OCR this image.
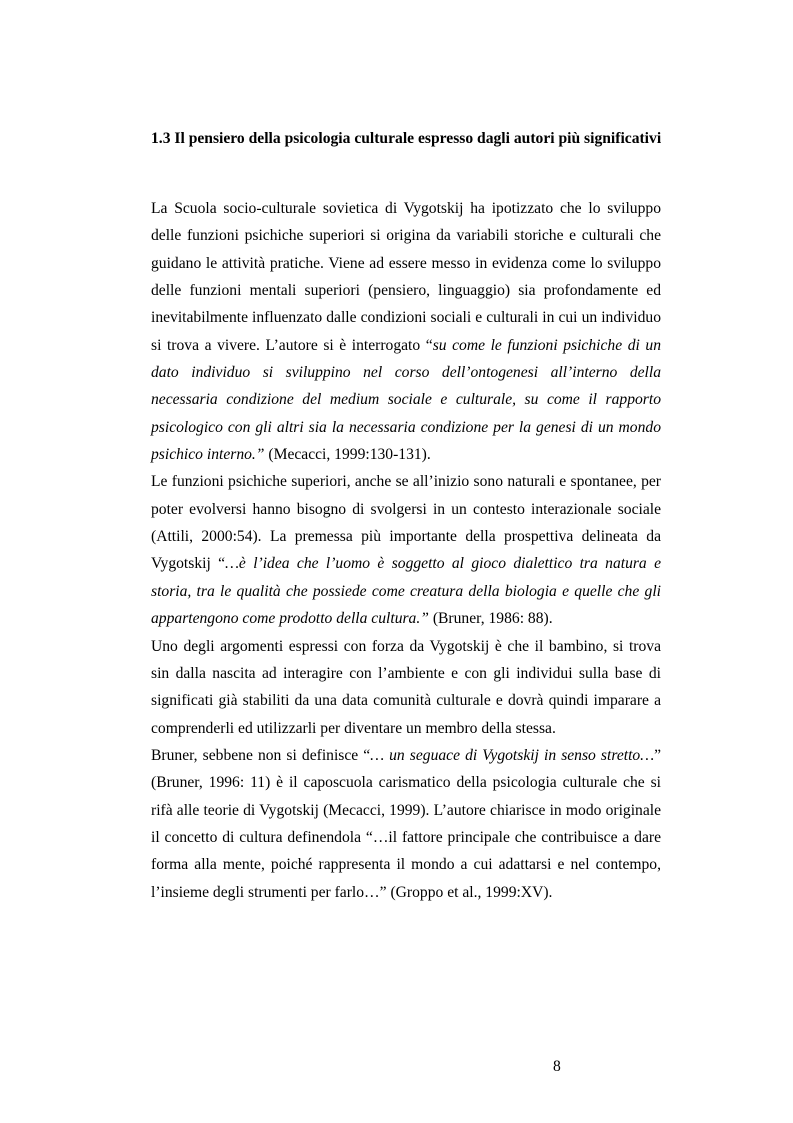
1.3 Il pensiero della psicologia culturale espresso dagli autori più significativi

La Scuola socio-culturale sovietica di Vygotskij ha ipotizzato che lo sviluppo delle funzioni psichiche superiori si origina da variabili storiche e culturali che guidano le attività pratiche. Viene ad essere messo in evidenza come lo sviluppo delle funzioni mentali superiori (pensiero, linguaggio) sia profondamente ed inevitabilmente influenzato dalle condizioni sociali e culturali in cui un individuo si trova a vivere. L’autore si è interrogato “su come le funzioni psichiche di un dato individuo si sviluppino nel corso dell’ontogenesi all’interno della necessaria condizione del medium sociale e culturale, su come il rapporto psicologico con gli altri sia la necessaria condizione per la genesi di un mondo psichico interno.” (Mecacci, 1999:130-131).

Le funzioni psichiche superiori, anche se all’inizio sono naturali e spontanee, per poter evolversi hanno bisogno di svolgersi in un contesto interazionale sociale (Attili, 2000:54). La premessa più importante della prospettiva delineata da Vygotskij “…è l’idea che l’uomo è soggetto al gioco dialettico tra natura e storia, tra le qualità che possiede come creatura della biologia e quelle che gli appartengono come prodotto della cultura.” (Bruner, 1986: 88).

Uno degli argomenti espressi con forza da Vygotskij è che il bambino, si trova sin dalla nascita ad interagire con l’ambiente e con gli individui sulla base di significati già stabiliti da una data comunità culturale e dovrà quindi imparare a comprenderli ed utilizzarli per diventare un membro della stessa.

Bruner, sebbene non si definisce “… un seguace di Vygotskij in senso stretto…” (Bruner, 1996: 11) è il caposcuola carismatico della psicologia culturale che si rifà alle teorie di Vygotskij (Mecacci, 1999). L’autore chiarisce in modo originale il concetto di cultura definendola “…il fattore principale che contribuisce a dare forma alla mente, poiché rappresenta il mondo a cui adattarsi e nel contempo, l’insieme degli strumenti per farlo…” (Groppo et al., 1999:XV).

8
